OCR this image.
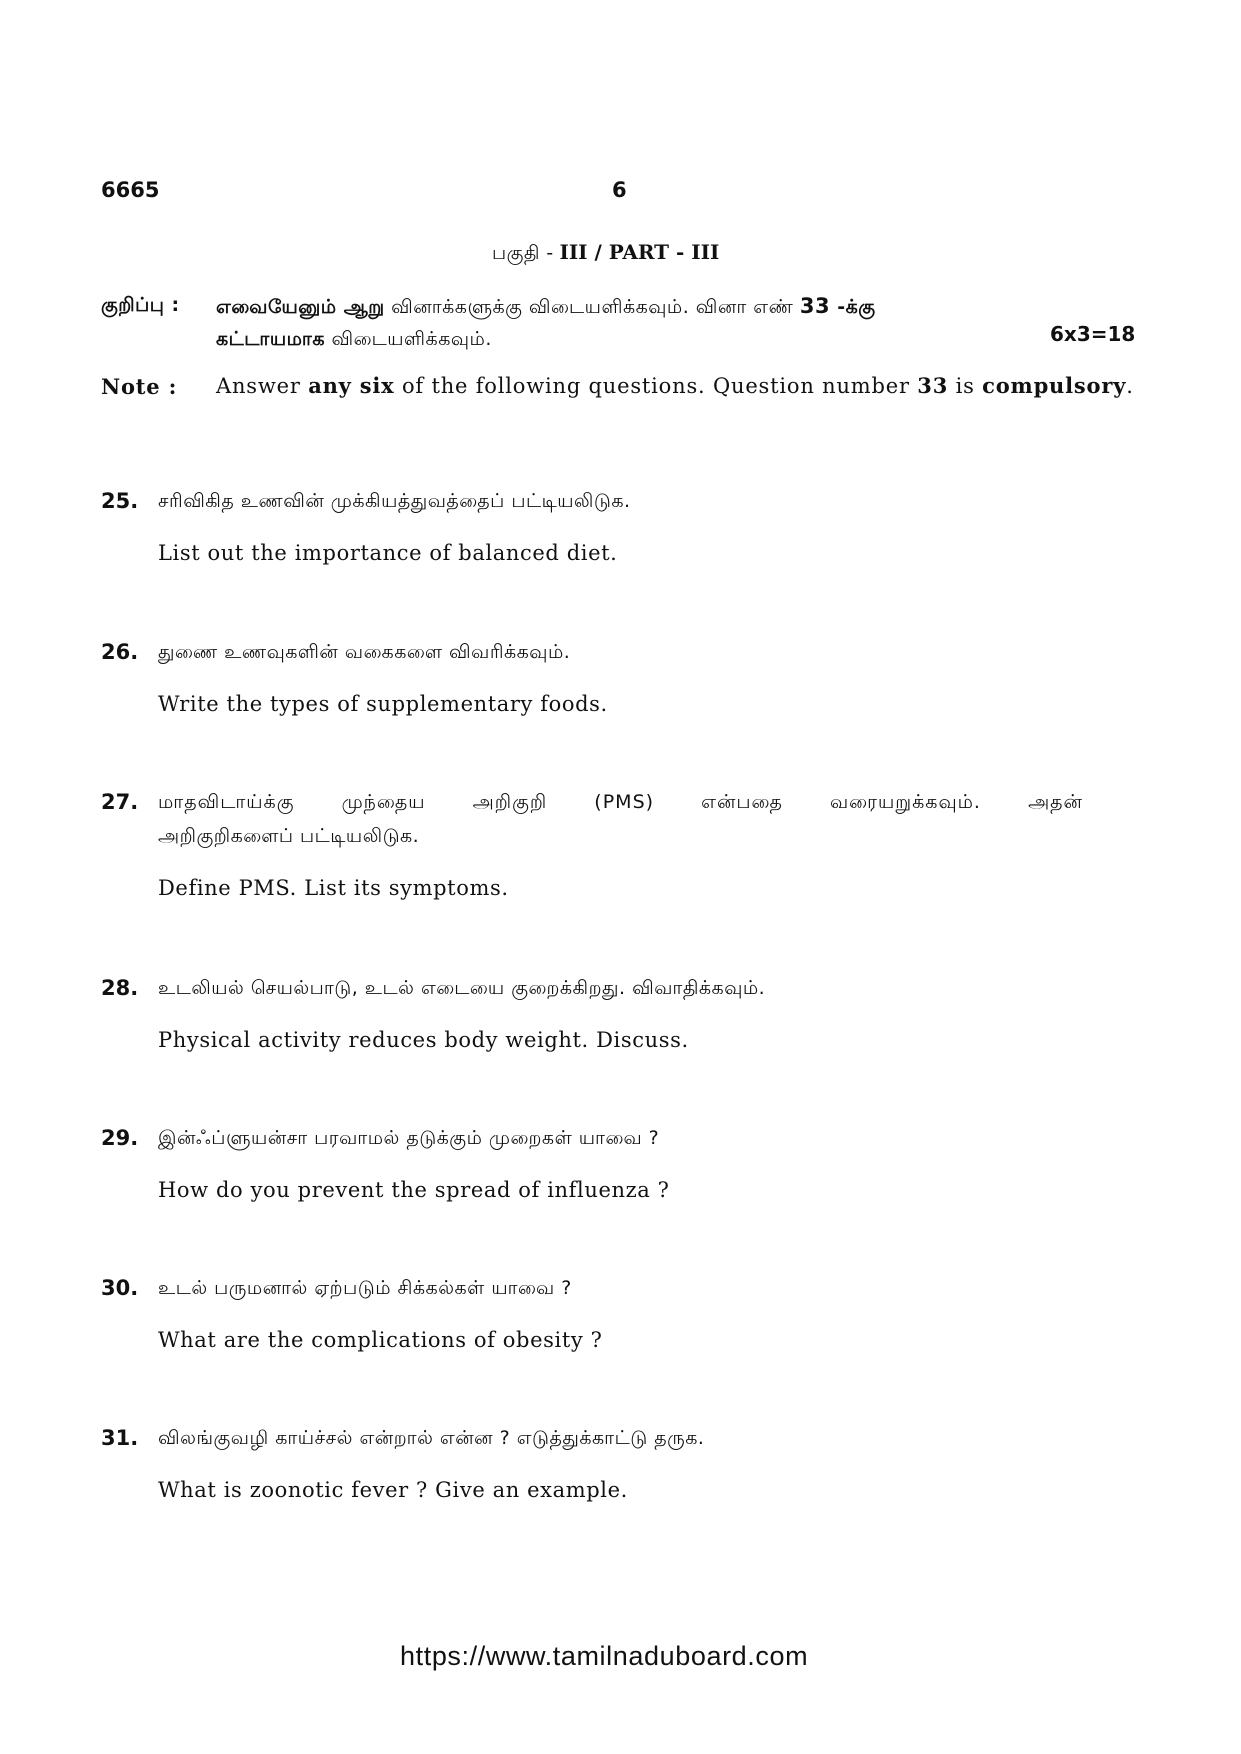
6665	6
பகுதி - III / PART - III
குறிப்பு : எவையேனும் ஆறு வினாக்களுக்கு விடையளிக்கவும். வினா எண் 33 -க்கு
கட்டாயமாக விடையளிக்கவும்.	6x3=18
Note : Answer any six of the following questions. Question number 33 is compulsory.
25. சரிவிகித உணவின் முக்கியத்துவத்தைப் பட்டியலிடுக.
List out the importance of balanced diet.
26. துணை உணவுகளின் வகைகளை விவரிக்கவும்.
Write the types of supplementary foods.
27. மாதவிடாய்க்கு முந்தைய அறிகுறி (PMS) என்பதை வரையறுக்கவும். அதன்
அறிகுறிகளைப் பட்டியலிடுக.
Define PMS. List its symptoms.
28. உடலியல் செயல்பாடு, உடல் எடையை குறைக்கிறது. விவாதிக்கவும்.
Physical activity reduces body weight. Discuss.
29. இன்ஃப்ளுயன்சா பரவாமல் தடுக்கும் முறைகள் யாவை ?
How do you prevent the spread of influenza ?
30. உடல் பருமனால் ஏற்படும் சிக்கல்கள் யாவை ?
What are the complications of obesity ?
31. விலங்குவழி காய்ச்சல் என்றால் என்ன ? எடுத்துக்காட்டு தருக.
What is zoonotic fever ? Give an example.
https://www.tamilnaduboard.com
